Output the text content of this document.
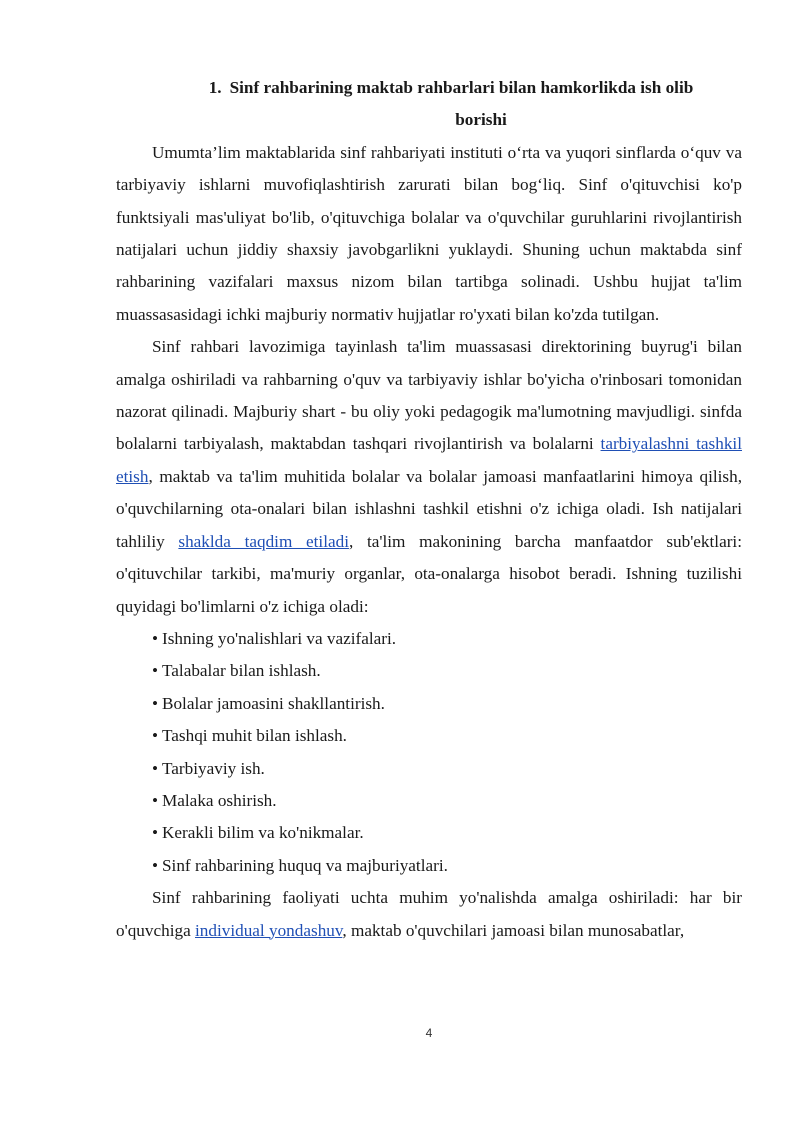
1. Sinf rahbarining maktab rahbarlari bilan hamkorlikda ish olib
borishi

Umumta’lim maktablarida sinf rahbariyati instituti o‘rta va yuqori sinflarda o‘quv va tarbiyaviy ishlarni muvofiqlashtirish zarurati bilan bog‘liq. Sinf o'qituvchisi ko'p funktsiyali mas'uliyat bo'lib, o'qituvchiga bolalar va o'quvchilar guruhlarini rivojlantirish natijalari uchun jiddiy shaxsiy javobgarlikni yuklaydi. Shuning uchun maktabda sinf rahbarining vazifalari maxsus nizom bilan tartibga solinadi. Ushbu hujjat ta'lim muassasasidagi ichki majburiy normativ hujjatlar ro'yxati bilan ko'zda tutilgan.

Sinf rahbari lavozimiga tayinlash ta'lim muassasasi direktorining buyrug'i bilan amalga oshiriladi va rahbarning o'quv va tarbiyaviy ishlar bo'yicha o'rinbosari tomonidan nazorat qilinadi. Majburiy shart - bu oliy yoki pedagogik ma'lumotning mavjudligi. sinfda bolalarni tarbiyalash, maktabdan tashqari rivojlantirish va bolalarni tarbiyalashni tashkil etish, maktab va ta'lim muhitida bolalar va bolalar jamoasi manfaatlarini himoya qilish, o'quvchilarning ota-onalari bilan ishlashni tashkil etishni o'z ichiga oladi. Ish natijalari tahliliy shaklda taqdim etiladi, ta'lim makonining barcha manfaatdor sub'ektlari: o'qituvchilar tarkibi, ma'muriy organlar, ota-onalarga hisobot beradi. Ishning tuzilishi quyidagi bo'limlarni o'z ichiga oladi:

• Ishning yo'nalishlari va vazifalari.
• Talabalar bilan ishlash.
• Bolalar jamoasini shakllantirish.
• Tashqi muhit bilan ishlash.
• Tarbiyaviy ish.
• Malaka oshirish.
• Kerakli bilim va ko'nikmalar.
• Sinf rahbarining huquq va majburiyatlari.

Sinf rahbarining faoliyati uchta muhim yo'nalishda amalga oshiriladi: har bir o'quvchiga individual yondashuv, maktab o'quvchilari jamoasi bilan munosabatlar,

4
